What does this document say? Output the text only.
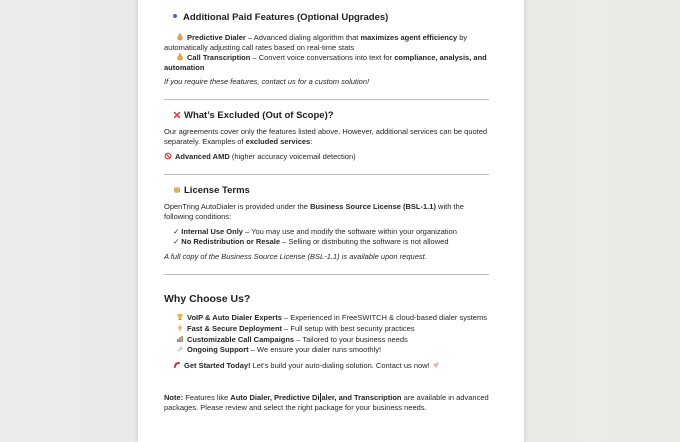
Additional Paid Features (Optional Upgrades)

Predictive Dialer – Advanced dialing algorithm that maximizes agent efficiency by automatically adjusting call rates based on real-time stats

Call Transcription – Convert voice conversations into text for compliance, analysis, and automation

If you require these features, contact us for a custom solution!

What’s Excluded (Out of Scope)?

Our agreements cover only the features listed above. However, additional services can be quoted separately. Examples of excluded services:

Advanced AMD (higher accuracy voicemail detection)

License Terms

OpenTring AutoDialer is provided under the Business Source License (BSL-1.1) with the following conditions:

✓ Internal Use Only – You may use and modify the software within your organization

✓ No Redistribution or Resale – Selling or distributing the software is not allowed

A full copy of the Business Source License (BSL-1.1) is available upon request.

Why Choose Us?

VoIP & Auto Dialer Experts – Experienced in FreeSWITCH & cloud-based dialer systems

Fast & Secure Deployment – Full setup with best security practices

Customizable Call Campaigns – Tailored to your business needs

Ongoing Support – We ensure your dialer runs smoothly!

Get Started Today! Let’s build your auto-dialing solution. Contact us now!

Note: Features like Auto Dialer, Predictive Di aler, and Transcription are available in advanced packages. Please review and select the right package for your business needs.
